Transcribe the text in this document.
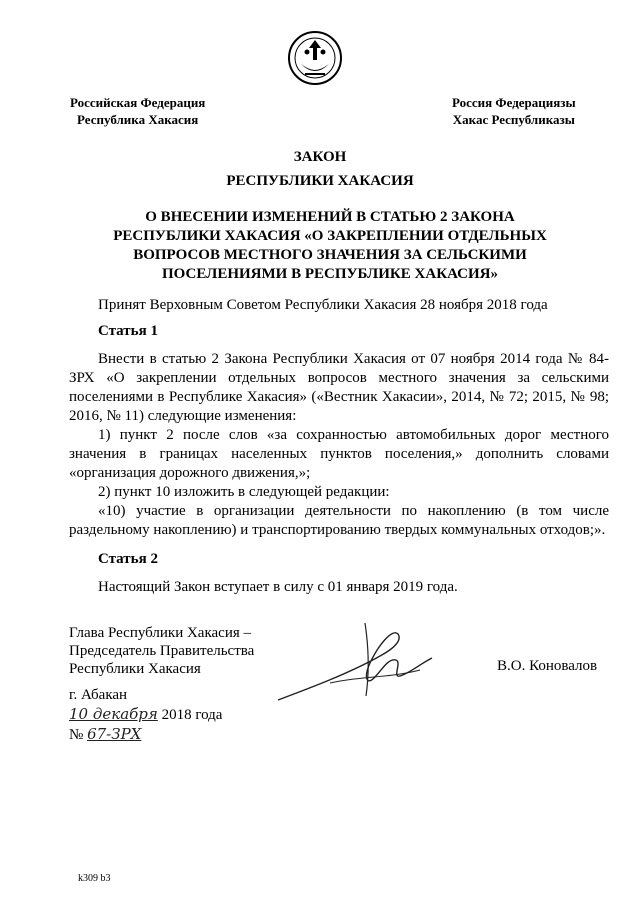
Российская Федерация
Республика Хакасия
Россия Федерациязы
Хакас Республиказы
ЗАКОН
РЕСПУБЛИКИ ХАКАСИЯ
О ВНЕСЕНИИ ИЗМЕНЕНИЙ В СТАТЬЮ 2 ЗАКОНА
РЕСПУБЛИКИ ХАКАСИЯ «О ЗАКРЕПЛЕНИИ ОТДЕЛЬНЫХ
ВОПРОСОВ МЕСТНОГО ЗНАЧЕНИЯ ЗА СЕЛЬСКИМИ
ПОСЕЛЕНИЯМИ В РЕСПУБЛИКЕ ХАКАСИЯ»
Принят Верховным Советом Республики Хакасия 28 ноября 2018 года
Статья 1
Внести в статью 2 Закона Республики Хакасия от 07 ноября 2014 года № 84-ЗРХ «О закреплении отдельных вопросов местного значения за сельскими поселениями в Республике Хакасия» («Вестник Хакасии», 2014, № 72; 2015, № 98; 2016, № 11) следующие изменения:
1) пункт 2 после слов «за сохранностью автомобильных дорог местного значения в границах населенных пунктов поселения,» дополнить словами «организация дорожного движения,»;
2) пункт 10 изложить в следующей редакции:
«10) участие в организации деятельности по накоплению (в том числе раздельному накоплению) и транспортированию твердых коммунальных отходов;».
Статья 2
Настоящий Закон вступает в силу с 01 января 2019 года.
Глава Республики Хакасия –
Председатель Правительства
Республики Хакасия	В.О. Коновалов
г. Абакан
10 декабря 2018 года
№ 67-ЗРХ
k309 b3
